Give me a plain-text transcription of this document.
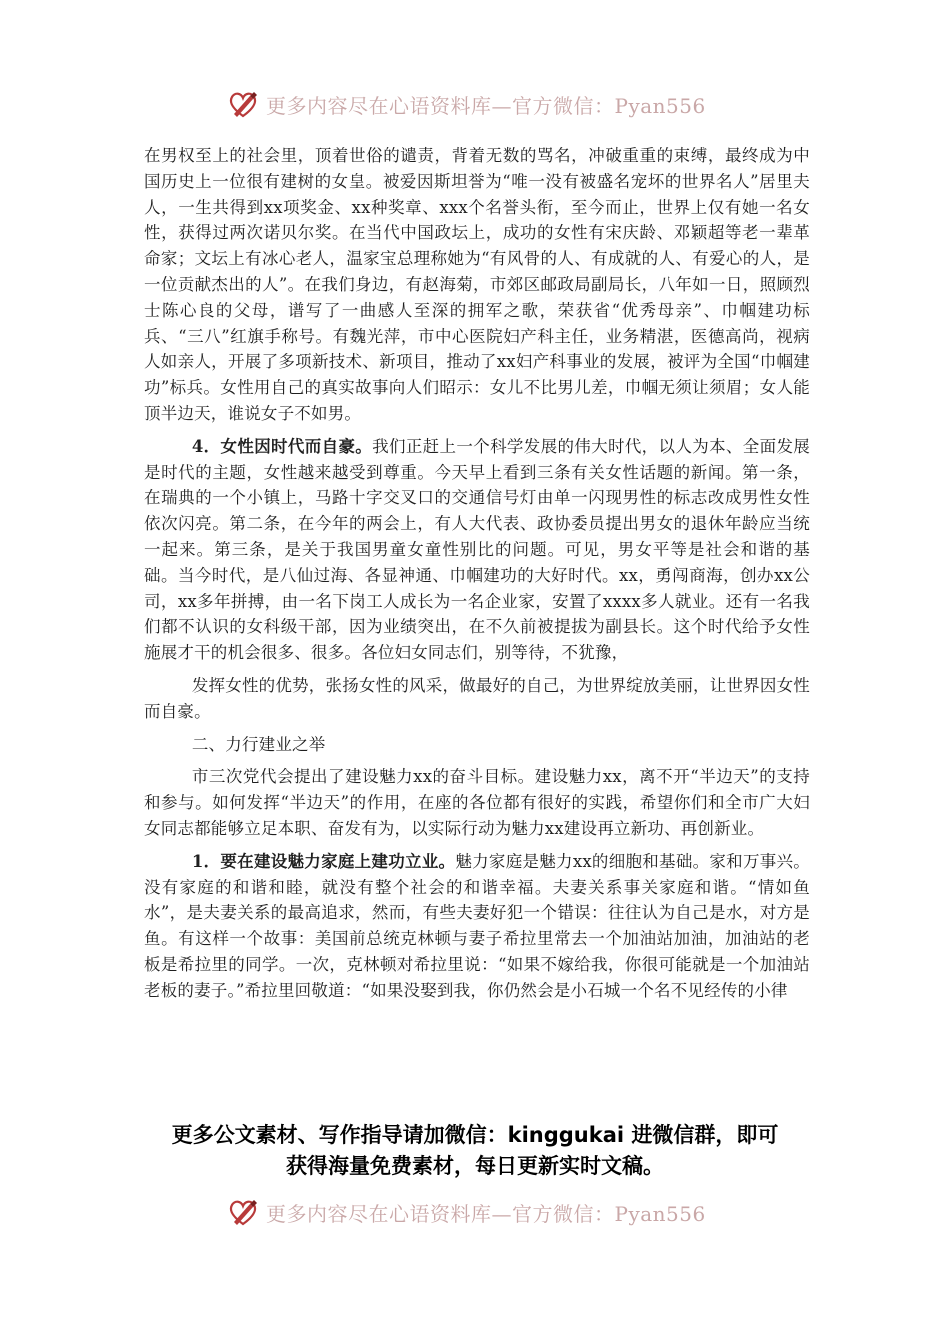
更多内容尽在心语资料库—官方微信：Pyan556

在男权至上的社会里，顶着世俗的谴责，背着无数的骂名，冲破重重的束缚，最终成为中国历史上一位很有建树的女皇。被爱因斯坦誉为“唯一没有被盛名宠坏的世界名人”居里夫人，一生共得到xx项奖金、xx种奖章、xxx个名誉头衔，至今而止，世界上仅有她一名女性，获得过两次诺贝尔奖。在当代中国政坛上，成功的女性有宋庆龄、邓颖超等老一辈革命家；文坛上有冰心老人，温家宝总理称她为“有风骨的人、有成就的人、有爱心的人，是一位贡献杰出的人”。在我们身边，有赵海菊，市郊区邮政局副局长，八年如一日，照顾烈士陈心良的父母，谱写了一曲感人至深的拥军之歌，荣获省“优秀母亲”、巾帼建功标兵、“三八”红旗手称号。有魏光萍，市中心医院妇产科主任，业务精湛，医德高尚，视病人如亲人，开展了多项新技术、新项目，推动了xx妇产科事业的发展，被评为全国“巾帼建功”标兵。女性用自己的真实故事向人们昭示：女儿不比男儿差，巾帼无须让须眉；女人能顶半边天，谁说女子不如男。

4．女性因时代而自豪。我们正赶上一个科学发展的伟大时代，以人为本、全面发展是时代的主题，女性越来越受到尊重。今天早上看到三条有关女性话题的新闻。第一条，在瑞典的一个小镇上，马路十字交叉口的交通信号灯由单一闪现男性的标志改成男性女性依次闪亮。第二条，在今年的两会上，有人大代表、政协委员提出男女的退休年龄应当统一起来。第三条，是关于我国男童女童性别比的问题。可见，男女平等是社会和谐的基础。当今时代，是八仙过海、各显神通、巾帼建功的大好时代。xx，勇闯商海，创办xx公司，xx多年拼搏，由一名下岗工人成长为一名企业家，安置了xxxx多人就业。还有一名我们都不认识的女科级干部，因为业绩突出，在不久前被提拔为副县长。这个时代给予女性施展才干的机会很多、很多。各位妇女同志们，别等待，不犹豫，

发挥女性的优势，张扬女性的风采，做最好的自己，为世界绽放美丽，让世界因女性而自豪。

二、力行建业之举

市三次党代会提出了建设魅力xx的奋斗目标。建设魅力xx，离不开“半边天”的支持和参与。如何发挥“半边天”的作用，在座的各位都有很好的实践，希望你们和全市广大妇女同志都能够立足本职、奋发有为，以实际行动为魅力xx建设再立新功、再创新业。

1．要在建设魅力家庭上建功立业。魅力家庭是魅力xx的细胞和基础。家和万事兴。没有家庭的和谐和睦，就没有整个社会的和谐幸福。夫妻关系事关家庭和谐。“情如鱼水”，是夫妻关系的最高追求，然而，有些夫妻好犯一个错误：往往认为自己是水，对方是鱼。有这样一个故事：美国前总统克林顿与妻子希拉里常去一个加油站加油，加油站的老板是希拉里的同学。一次，克林顿对希拉里说：“如果不嫁给我，你很可能就是一个加油站老板的妻子。”希拉里回敬道：“如果没娶到我，你仍然会是小石城一个名不见经传的小律

更多公文素材、写作指导请加微信：kinggukai 进微信群，即可
获得海量免费素材，每日更新实时文稿。
更多内容尽在心语资料库—官方微信：Pyan556
